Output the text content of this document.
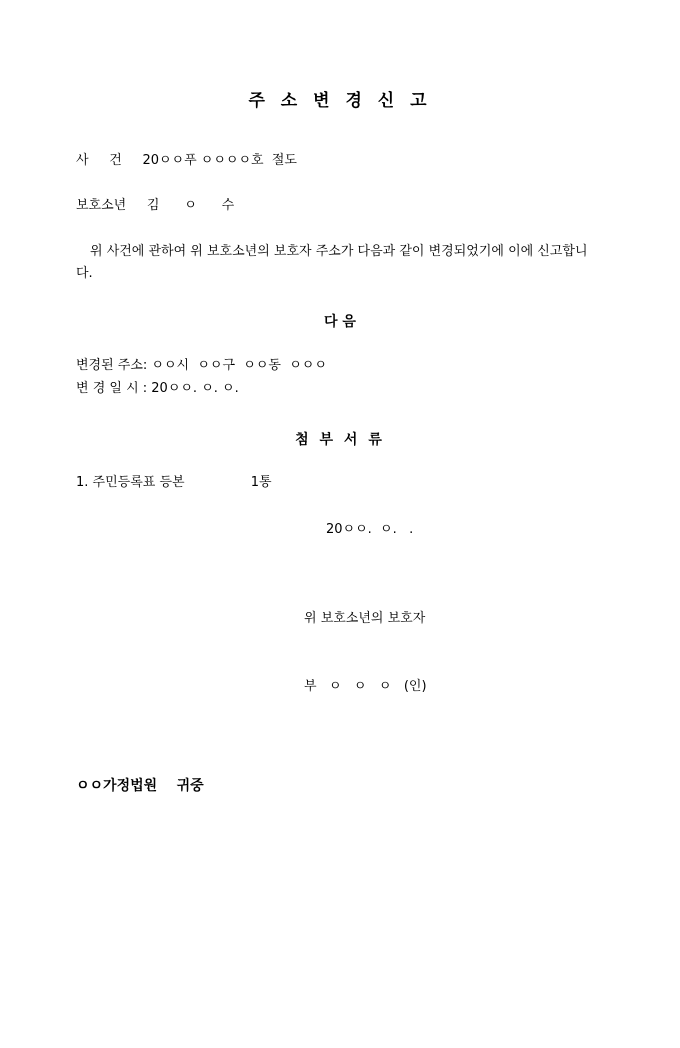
주 소 변 경 신 고
사     건     20ㅇㅇ푸 ㅇㅇㅇㅇ호  절도
보호소년     김      ㅇ      수
위 사건에 관하여 위 보호소년의 보호자 주소가 다음과 같이 변경되었기에 이에 신고합니다.
다 음
변경된 주소: ㅇㅇ시  ㅇㅇ구  ㅇㅇ동  ㅇㅇㅇ
변 경 일 시 : 20ㅇㅇ. ㅇ. ㅇ.
첨 부 서 류
1. 주민등록표 등본                1통
20ㅇㅇ.  ㅇ.   .

위 보호소년의 보호자

부   ㅇ   ㅇ   ㅇ   (인)

ㅇㅇ가정법원    귀중
